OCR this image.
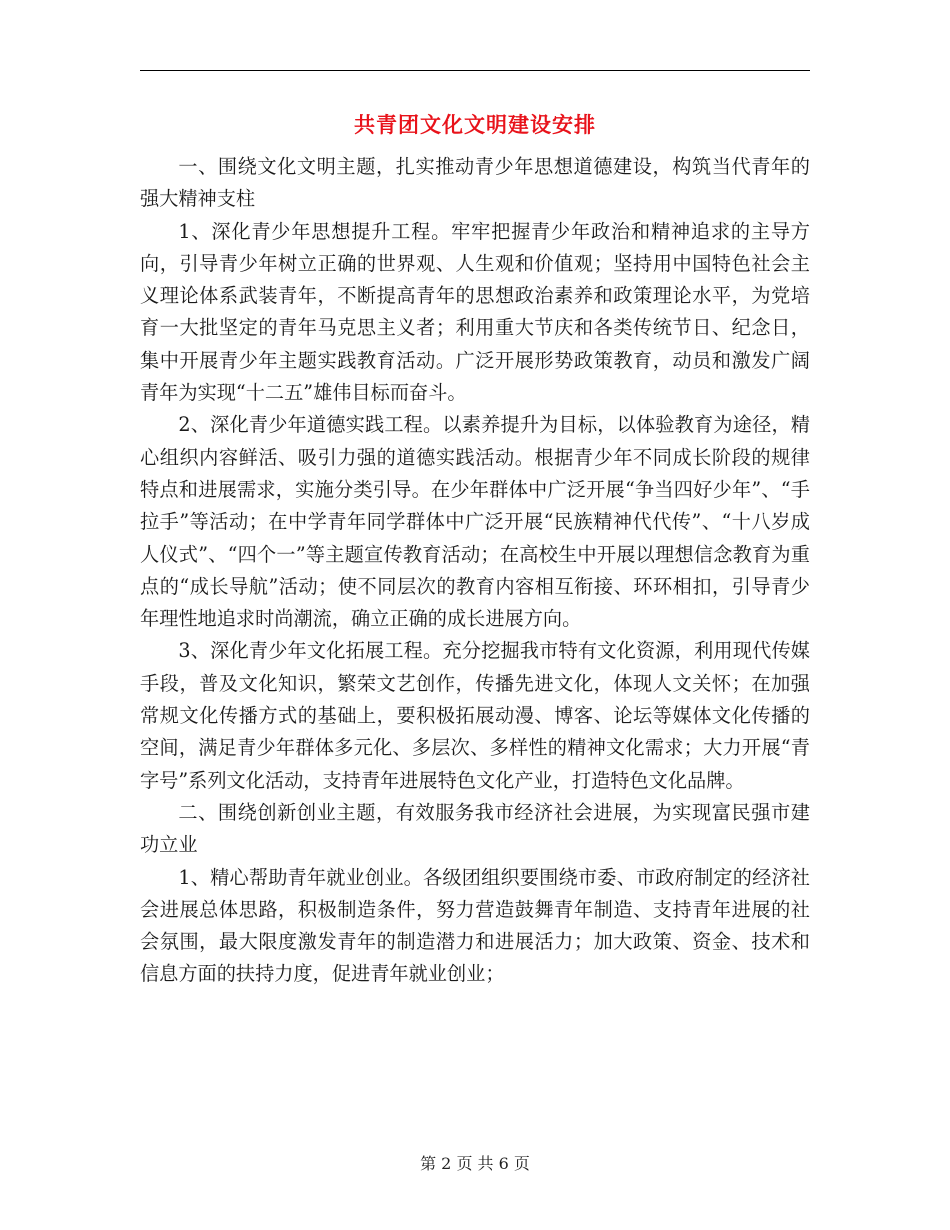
共青团文化文明建设安排

一、围绕文化文明主题，扎实推动青少年思想道德建设，构筑当代青年的强大精神支柱

1、深化青少年思想提升工程。牢牢把握青少年政治和精神追求的主导方向，引导青少年树立正确的世界观、人生观和价值观；坚持用中国特色社会主义理论体系武装青年，不断提高青年的思想政治素养和政策理论水平，为党培育一大批坚定的青年马克思主义者；利用重大节庆和各类传统节日、纪念日，集中开展青少年主题实践教育活动。广泛开展形势政策教育，动员和激发广阔青年为实现“十二五”雄伟目标而奋斗。

2、深化青少年道德实践工程。以素养提升为目标，以体验教育为途径，精心组织内容鲜活、吸引力强的道德实践活动。根据青少年不同成长阶段的规律特点和进展需求，实施分类引导。在少年群体中广泛开展“争当四好少年”、“手拉手”等活动；在中学青年同学群体中广泛开展“民族精神代代传”、“十八岁成人仪式”、“四个一”等主题宣传教育活动；在高校生中开展以理想信念教育为重点的“成长导航”活动；使不同层次的教育内容相互衔接、环环相扣，引导青少年理性地追求时尚潮流，确立正确的成长进展方向。

3、深化青少年文化拓展工程。充分挖掘我市特有文化资源，利用现代传媒手段，普及文化知识，繁荣文艺创作，传播先进文化，体现人文关怀；在加强常规文化传播方式的基础上，要积极拓展动漫、博客、论坛等媒体文化传播的空间，满足青少年群体多元化、多层次、多样性的精神文化需求；大力开展“青字号”系列文化活动，支持青年进展特色文化产业，打造特色文化品牌。

二、围绕创新创业主题，有效服务我市经济社会进展，为实现富民强市建功立业

1、精心帮助青年就业创业。各级团组织要围绕市委、市政府制定的经济社会进展总体思路，积极制造条件，努力营造鼓舞青年制造、支持青年进展的社会氛围，最大限度激发青年的制造潜力和进展活力；加大政策、资金、技术和信息方面的扶持力度，促进青年就业创业；

第 2 页 共 6 页
